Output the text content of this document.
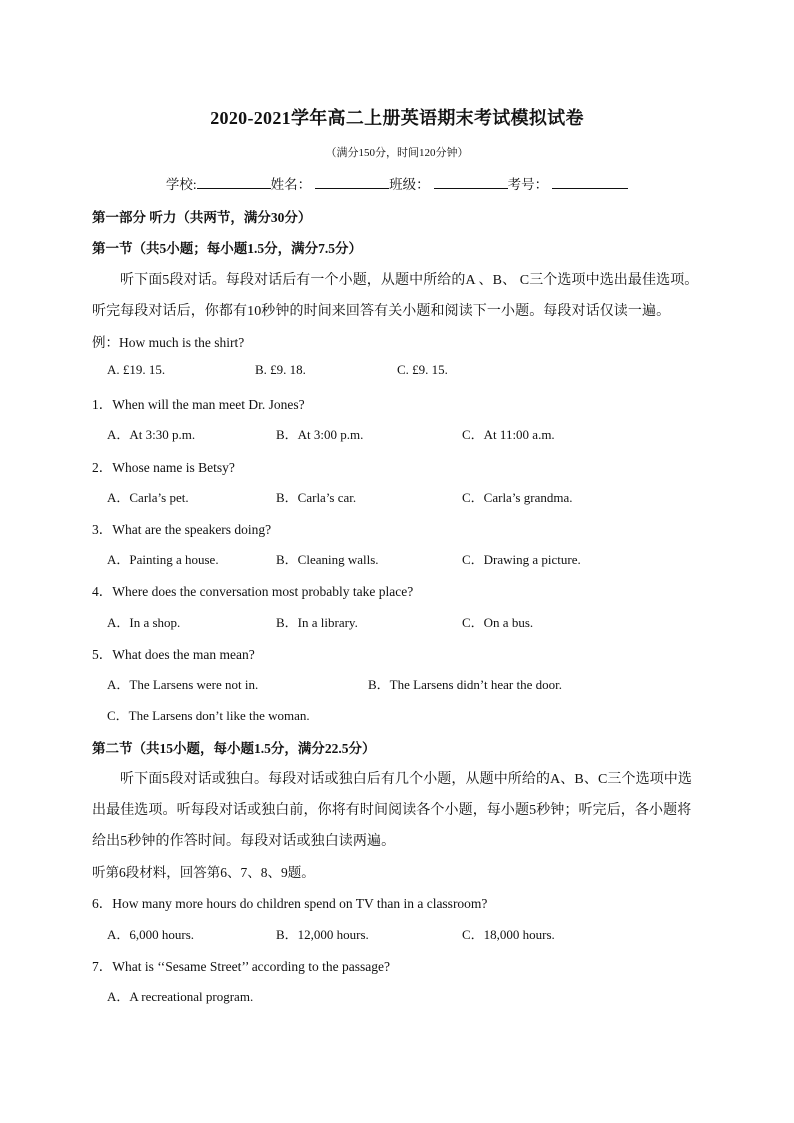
2020-2021学年高二上册英语期末考试模拟试卷
（满分150分，时间120分钟）
学校:	姓名：	班级：	考号：
第一部分 听力（共两节，满分30分）
第一节（共5小题；每小题1.5分，满分7.5分）
听下面5段对话。每段对话后有一个小题，从题中所给的A 、B、 C三个选项中选出最佳选项。
听完每段对话后，你都有10秒钟的时间来回答有关小题和阅读下一小题。每段对话仅读一遍。
例：How much is the shirt?
A. £19. 15.	B. £9. 18.	C. £9. 15.
1．When will the man meet Dr. Jones?
A．At 3:30 p.m.	B．At 3:00 p.m.	C．At 11:00 a.m.
2．Whose name is Betsy?
A．Carla’s pet.	B．Carla’s car.	C．Carla’s grandma.
3．What are the speakers doing?
A．Painting a house.	B．Cleaning walls.	C．Drawing a picture.
4．Where does the conversation most probably take place?
A．In a shop.	B．In a library.	C．On a bus.
5．What does the man mean?
A．The Larsens were not in.	B．The Larsens didn’t hear the door.
C．The Larsens don’t like the woman.
第二节（共15小题，每小题1.5分，满分22.5分）
听下面5段对话或独白。每段对话或独白后有几个小题，从题中所给的A、B、C三个选项中选
出最佳选项。听每段对话或独白前，你将有时间阅读各个小题，每小题5秒钟；听完后，各小题将
给出5秒钟的作答时间。每段对话或独白读两遍。
听第6段材料，回答第6、7、8、9题。
6．How many more hours do children spend on TV than in a classroom?
A．6,000 hours.	B．12,000 hours.	C．18,000 hours.
7．What is ‘‘Sesame Street’’ according to the passage?
A．A recreational program.
